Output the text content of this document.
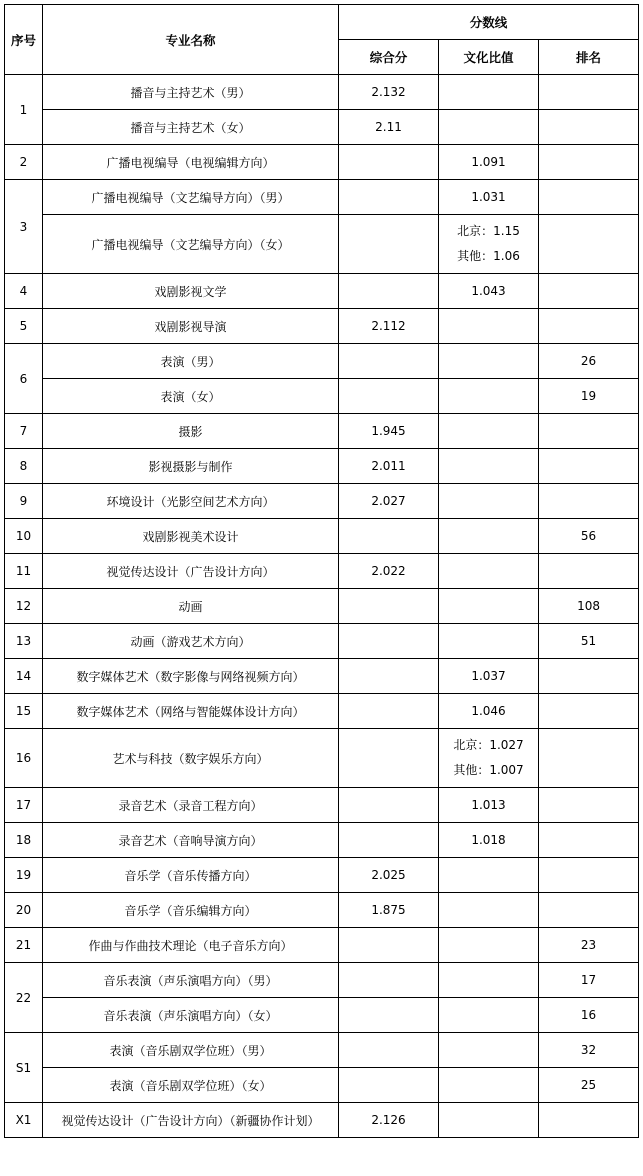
序号	专业名称	分数线		
		综合分	文化比值	排名
1	播音与主持艺术（男）	2.132		
	播音与主持艺术（女）	2.11		
2	广播电视编导（电视编辑方向）		1.091	
3	广播电视编导（文艺编导方向）（男）		1.031	
	广播电视编导（文艺编导方向）（女）		北京：1.15
其他：1.06	

4	戏剧影视文学		1.043	
5	戏剧影视导演	2.112		
6	表演（男）			26
	表演（女）			19
7	摄影	1.945		
8	影视摄影与制作	2.011		
9	环境设计（光影空间艺术方向）	2.027		
10	戏剧影视美术设计			56
11	视觉传达设计（广告设计方向）	2.022		
12	动画			108
13	动画（游戏艺术方向）			51
14	数字媒体艺术（数字影像与网络视频方向）		1.037	
15	数字媒体艺术（网络与智能媒体设计方向）		1.046	
16	艺术与科技（数字娱乐方向）		北京：1.027
其他：1.007	

17	录音艺术（录音工程方向）		1.013	
18	录音艺术（音响导演方向）		1.018	
19	音乐学（音乐传播方向）	2.025		
20	音乐学（音乐编辑方向）	1.875		
21	作曲与作曲技术理论（电子音乐方向）			23
22	音乐表演（声乐演唱方向）（男）			17
	音乐表演（声乐演唱方向）（女）			16
S1	表演（音乐剧双学位班）（男）			32
	表演（音乐剧双学位班）（女）			25
X1	视觉传达设计（广告设计方向）（新疆协作计划）	2.126		
